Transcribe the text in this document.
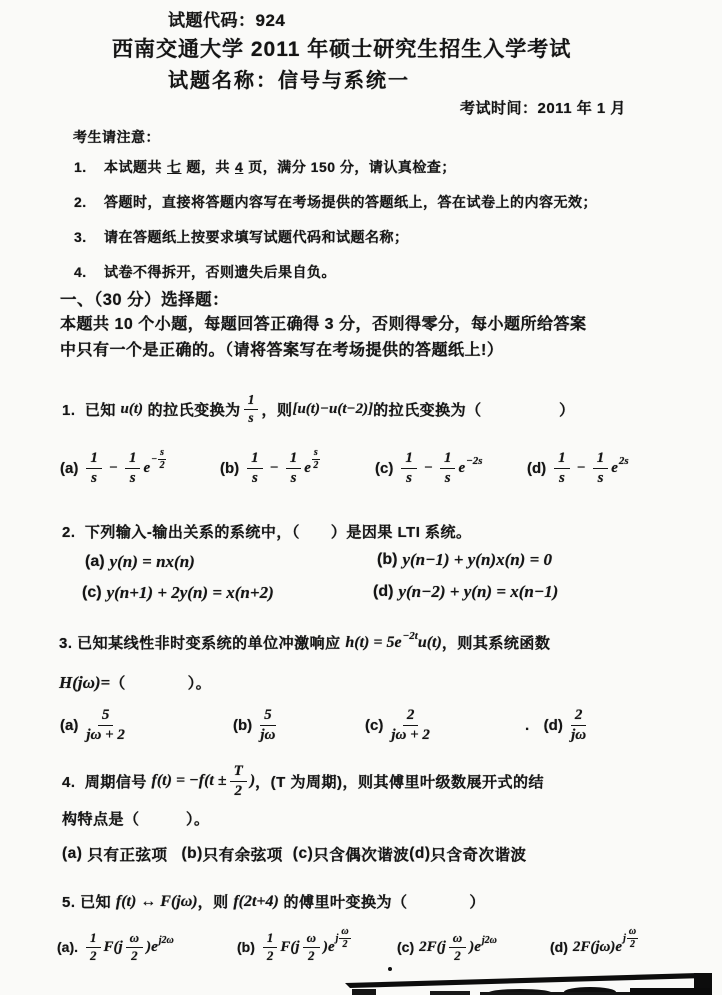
试题代码：924
西南交通大学 2011 年硕士研究生招生入学考试
试题名称：信号与系统一
考试时间：2011 年 1 月
考生请注意：
1.	本试题共 七 题，共 4 页，满分 150 分，请认真检查；
2.	答题时，直接将答题内容写在考场提供的答题纸上，答在试卷上的内容无效；
3.	请在答题纸上按要求填写试题代码和试题名称；
4.	试卷不得拆开，否则遗失后果自负。
一、（30 分）选择题：
本题共 10 个小题，每题回答正确得 3 分，否则得零分，每小题所给答案
中只有一个是正确的。（请将答案写在考场提供的答题纸上!）
1.  已知 u(t) 的拉氏变换为 $\frac{1}{s}$ ，则 [u(t)−u(t−2)] 的拉氏变换为（　　　　　）
$(a) \frac{1}{s} - \frac{1}{s}$ e
− $\frac{s}{2}$	$(b) \frac{1}{s} - \frac{1}{s}$ e $\frac{s}{2}$	$(c) \frac{1}{s} - \frac{1}{s}$ e −2s	$(d) \frac{1}{s} - \frac{1}{s}$ e 2s
2.  下列输入-输出关系的系统中，（　　）是因果 LTI 系统。
(a) y(n) = nx(n)	(b) y(n−1) + y(n)x(n) = 0
(c) y(n+1) + 2y(n) = x(n+2)	(d) y(n−2) + y(n) = x(n−1)
3. 已知某线性非时变系统的单位冲激响应 h(t) = 5e −2t u(t) ，则其系统函数
H(jω)= （　　　　）。
$(a) \frac{5}{j\omega + 2}$	$(b) \frac{5}{j\omega}$	$(c) \frac{2}{j\omega + 2}$	. $(d) \frac{2}{j\omega}$
4.  周期信号 $f(t) = -f(t \pm \frac{T}{2}$ ) ，(T 为周期)，则其傅里叶级数展开式的结
构特点是（　　　）。
(a) 只有正弦项 (b) 只有余弦项 (c) 只含偶次谐波 (d) 只含奇次谐波
5. 已知 f(t) ↔ F(jω) ，则 f(2t+4) 的傅里叶变换为（　　　　）
(a). $\frac{1}{2} F(j \frac{\omega}{2} )e$ j2ω	$(b) \frac{1}{2} F(j \frac{\omega}{2} )e$
j $\frac{\omega}{2}$	(c) 2 $F(j \frac{\omega}{2} )e$ j2ω	(d) 2 F(jω)e
j $\frac{\omega}{2}$
